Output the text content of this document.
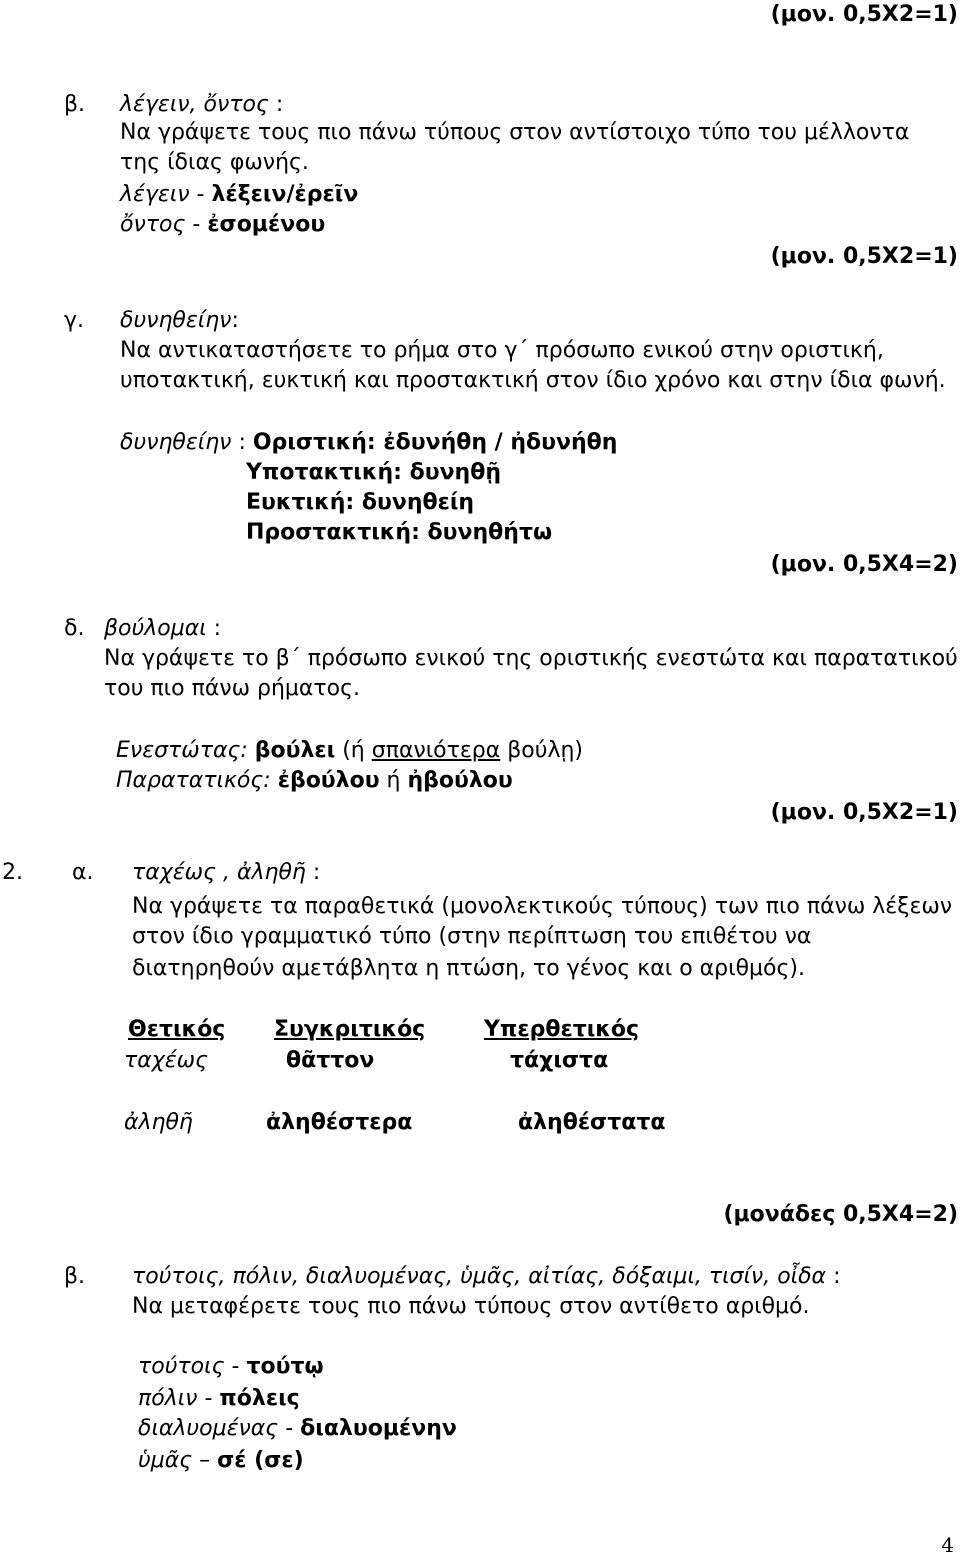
(μον. 0,5Χ2=1)
β. λέγειν, ὄντος :
Να γράψετε τους πιο πάνω τύπους στον αντίστοιχο τύπο του μέλλοντα
της ίδιας φωνής.
λέγειν - λέξειν/ἐρεῖν
ὄντος - ἐσομένου
(μον. 0,5Χ2=1)
γ. δυνηθείην:
Να αντικαταστήσετε το ρήμα στο γ΄ πρόσωπο ενικού στην οριστική,
υποτακτική, ευκτική και προστακτική στον ίδιο χρόνο και στην ίδια φωνή.
δυνηθείην : Οριστική: ἐδυνήθη / ἠδυνήθη
Υποτακτική: δυνηθῇ
Ευκτική: δυνηθείη
Προστακτική: δυνηθήτω
(μον. 0,5Χ4=2)
δ. βούλομαι :
Να γράψετε το β΄ πρόσωπο ενικού της οριστικής ενεστώτα και παρατατικού
του πιο πάνω ρήματος.
Ενεστώτας: βούλει (ή σπανιότερα βούλῃ)
Παρατατικός: ἐβούλου ή ἠβούλου
(μον. 0,5Χ2=1)
2. α. ταχέως , ἀληθῆ :
Να γράψετε τα παραθετικά (μονολεκτικούς τύπους) των πιο πάνω λέξεων
στον ίδιο γραμματικό τύπο (στην περίπτωση του επιθέτου να
διατηρηθούν αμετάβλητα η πτώση, το γένος και ο αριθμός).
Θετικός Συγκριτικός	Υπερθετικός
ταχέως	θᾶττον	τάχιστα
ἀληθῆ	ἀληθέστερα	ἀληθέστατα
(μονάδες 0,5Χ4=2)
β. τούτοις, πόλιν, διαλυομένας, ὑμᾶς, αἰτίας, δόξαιμι, τισίν, οἶδα :
Να μεταφέρετε τους πιο πάνω τύπους στον αντίθετο αριθμό.
τούτοις - τούτῳ
πόλιν - πόλεις
διαλυομένας - διαλυομένην
ὑμᾶς – σέ (σε)
4
